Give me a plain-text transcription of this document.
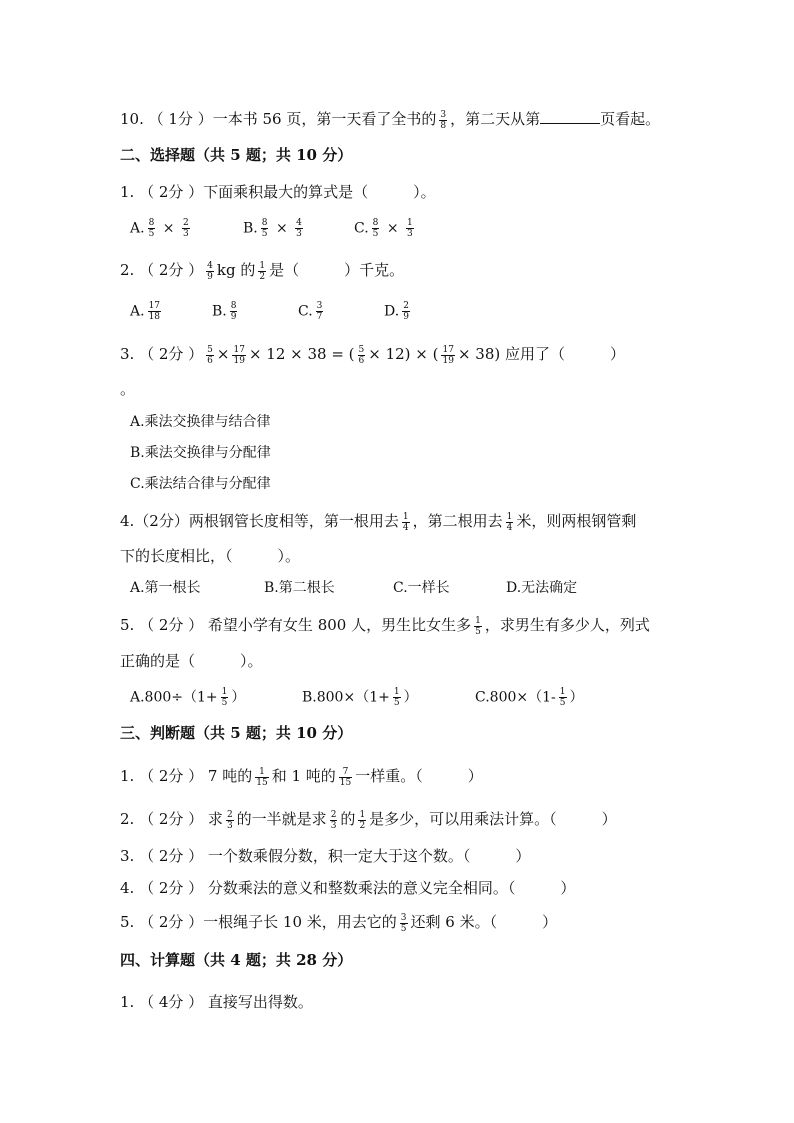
10. （ 1分 ）一本书 56 页，第一天看了全书的 $\frac{3}{8}$ ，第二天从第	页看起。
二、选择题（共 5 题；共 10 分）
1. （ 2分 ）下面乘积最大的算式是（　　　）。
A. $\frac{8}{5} \times \frac{2}{3}$	B. $\frac{8}{5} \times \frac{4}{3}$	C. $\frac{8}{5} \times \frac{1}{3}$
2. （ 2分 ） $\frac{4}{9}$ kg 的 $\frac{1}{2}$ 是（　　　）千克。
A. $\frac{17}{18}$	B. $\frac{8}{9}$	C. $\frac{3}{7}$	D. $\frac{2}{9}$
3. （ 2分 ） $\frac{5}{6} \times \frac{17}{19} \times 12 \times 38$ = ( $\frac{5}{6} \times 12$) × ( $\frac{17}{19} \times 38$) 应用了（　　　）
。
A.乘法交换律与结合律
B.乘法交换律与分配律
C.乘法结合律与分配律
4.（2分）两根钢管长度相等，第一根用去 $\frac{1}{4}$ ，第二根用去 $\frac{1}{4}$ 米，则两根钢管剩
下的长度相比，（　　　）。
A.第一根长	B.第二根长	C.一样长	D.无法确定
5. （ 2分 ） 希望小学有女生 800 人，男生比女生多 $\frac{1}{5}$ ，求男生有多少人，列式
正确的是（　　　）。
$A.800\div(1+ \frac{1}{5}$ ）	$B.800\times(1+ \frac{1}{5}$ ）	$C.800\times(1- \frac{1}{5}$ ）
三、判断题（共 5 题；共 10 分）
1. （ 2分 ） 7 吨的 $\frac{1}{15}$ 和 1 吨的 $\frac{7}{15}$ 一样重。（　　　）
2. （ 2分 ） 求 $\frac{2}{3}$ 的一半就是求 $\frac{2}{3}$ 的 $\frac{1}{2}$ 是多少，可以用乘法计算。（　　　）
3. （ 2分 ） 一个数乘假分数，积一定大于这个数。（　　　）
4. （ 2分 ） 分数乘法的意义和整数乘法的意义完全相同。（　　　）
5. （ 2分 ）一根绳子长 10 米，用去它的 $\frac{3}{5}$ 还剩 6 米。（　　　）
四、计算题（共 4 题；共 28 分）
1. （ 4分 ） 直接写出得数。
